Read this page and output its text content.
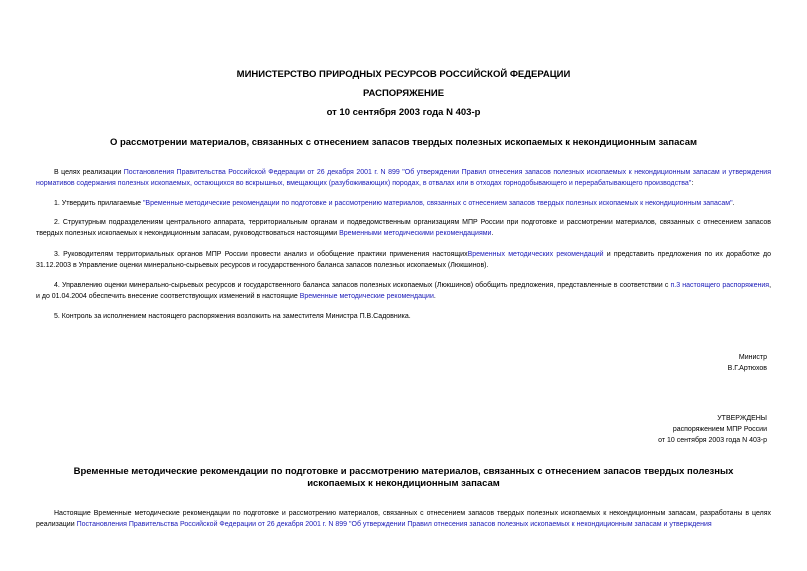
МИНИСТЕРСТВО ПРИРОДНЫХ РЕСУРСОВ РОССИЙСКОЙ ФЕДЕРАЦИИ
РАСПОРЯЖЕНИЕ
от 10 сентября 2003 года N 403-р
О рассмотрении материалов, связанных с отнесением запасов твердых полезных ископаемых к некондиционным запасам
В целях реализации Постановления Правительства Российской Федерации от 26 декабря 2001 г. N 899 "Об утверждении Правил отнесения запасов полезных ископаемых к некондиционным запасам и утверждения нормативов содержания полезных ископаемых, остающихся во вскрышных, вмещающих (разубоживающих) породах, в отвалах или в отходах горнодобывающего и перерабатывающего производства":
1. Утвердить прилагаемые "Временные методические рекомендации по подготовке и рассмотрению материалов, связанных с отнесением запасов твердых полезных ископаемых к некондиционным запасам".
2. Структурным подразделениям центрального аппарата, территориальным органам и подведомственным организациям МПР России при подготовке и рассмотрении материалов, связанных с отнесением запасов твердых полезных ископаемых к некондиционным запасам, руководствоваться настоящими Временными методическими рекомендациями.
3. Руководителям территориальных органов МПР России провести анализ и обобщение практики применения настоящихВременных методических рекомендаций и представить предложения по их доработке до 31.12.2003 в Управление оценки минерально-сырьевых ресурсов и государственного баланса запасов полезных ископаемых (Люкшинов).
4. Управлению оценки минерально-сырьевых ресурсов и государственного баланса запасов полезных ископаемых (Люкшинов) обобщить предложения, представленные в соответствии с п.3 настоящего распоряжения, и до 01.04.2004 обеспечить внесение соответствующих изменений в настоящие Временные методические рекомендации.
5. Контроль за исполнением настоящего распоряжения возложить на заместителя Министра П.В.Садовника.
Министр
В.Г.Артюхов
УТВЕРЖДЕНЫ
распоряжением МПР России
от 10 сентября 2003 года N 403-р
Временные методические рекомендации по подготовке и рассмотрению материалов, связанных с отнесением запасов твердых полезных ископаемых к некондиционным запасам
Настоящие Временные методические рекомендации по подготовке и рассмотрению материалов, связанных с отнесением запасов твердых полезных ископаемых к некондиционным запасам, разработаны в целях реализации Постановления Правительства Российской Федерации от 26 декабря 2001 г. N 899 "Об утверждении Правил отнесения запасов полезных ископаемых к некондиционным запасам и утверждения
